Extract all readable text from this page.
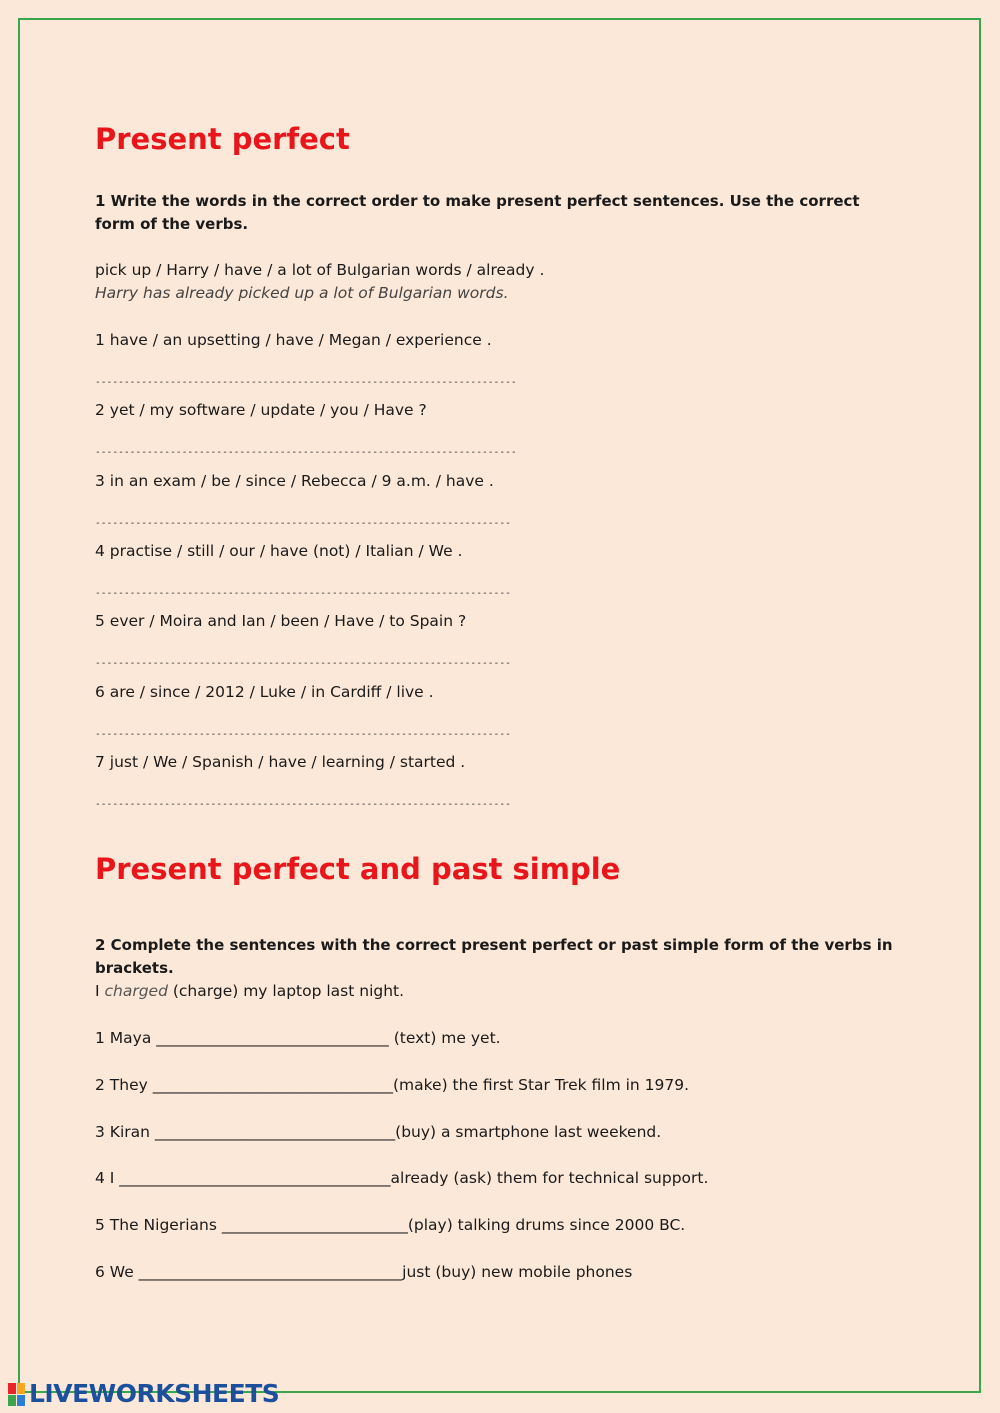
Present perfect
1 Write the words in the correct order to make present perfect sentences. Use the correct form of the verbs.
pick up / Harry / have / a lot of Bulgarian words / already .
Harry has already picked up a lot of Bulgarian words.
1 have / an upsetting / have / Megan / experience .
-------------------------------------------------------------------------
2 yet / my software / update / you / Have ?
-------------------------------------------------------------------------
3 in an exam / be / since / Rebecca / 9 a.m. / have .
------------------------------------------------------------------------
4 practise / still / our / have (not) / Italian / We .
------------------------------------------------------------------------
5 ever / Moira and Ian / been / Have / to Spain ?
------------------------------------------------------------------------
6 are / since / 2012 / Luke / in Cardiff / live .
------------------------------------------------------------------------
7 just / We / Spanish / have / learning / started .
------------------------------------------------------------------------
Present perfect and past simple
2 Complete the sentences with the correct present perfect or past simple form of the verbs in brackets.
I charged (charge) my laptop last night.
1 Maya ______________________________ (text) me yet.
2 They _______________________________(make) the first Star Trek film in 1979.
3 Kiran _______________________________(buy) a smartphone last weekend.
4 I ___________________________________already (ask) them for technical support.
5 The Nigerians ________________________(play) talking drums since 2000 BC.
6 We __________________________________just (buy) new mobile phones
LIVEWORKSHEETS
